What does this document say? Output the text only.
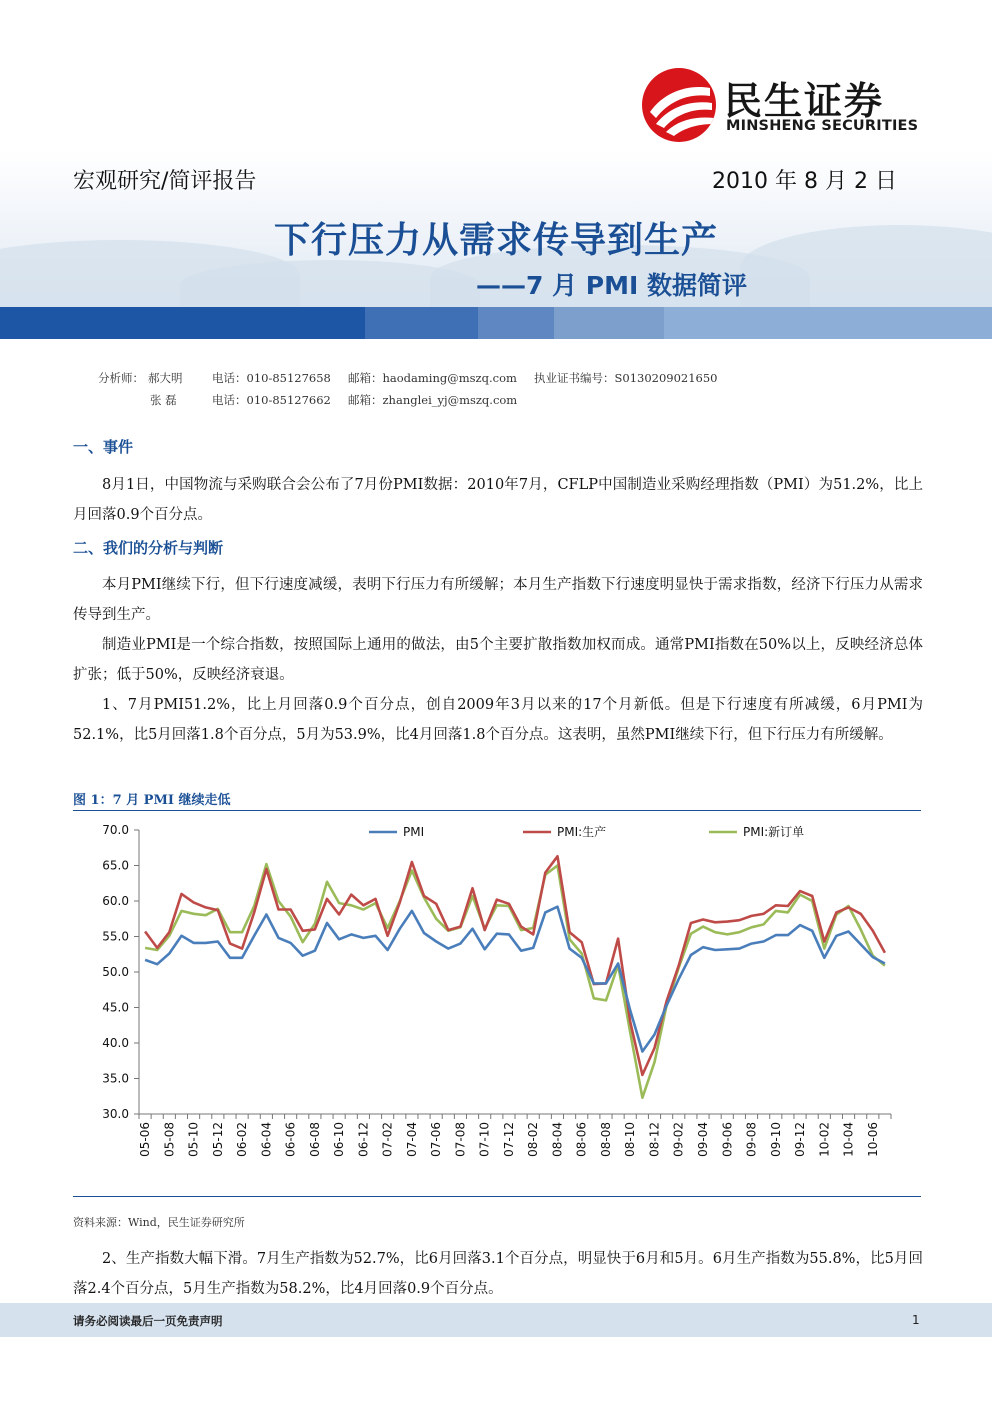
民生证券
MINSHENG SECURITIES
宏观研究/简评报告	2010 年 8 月 2 日
下行压力从需求传导到生产
——7 月 PMI 数据简评
分析师： 郝大明	电话：010-85127658 邮箱：haodaming@mszq.com 执业证书编号：S0130209021650
张 磊	电话：010-85127662 邮箱：zhanglei_yj@mszq.com
一、事件
8月1日，中国物流与采购联合会公布了7月份PMI数据：2010年7月，CFLP中国制造业采购经理指数（PMI）为51.2%，比上月回落0.9个百分点。
二、我们的分析与判断
本月PMI继续下行，但下行速度减缓，表明下行压力有所缓解；本月生产指数下行速度明显快于需求指数，经济下行压力从需求传导到生产。
制造业PMI是一个综合指数，按照国际上通用的做法，由5个主要扩散指数加权而成。通常PMI指数在50%以上，反映经济总体扩张；低于50%，反映经济衰退。
1、7月PMI51.2%，比上月回落0.9个百分点，创自2009年3月以来的17个月新低。但是下行速度有所减缓，6月PMI为52.1%，比5月回落1.8个百分点，5月为53.9%，比4月回落1.8个百分点。这表明，虽然PMI继续下行，但下行压力有所缓解。
图 1：7 月 PMI 继续走低
70.0
65.0
60.0
55.0
50.0
45.0
40.0
35.0
30.0
05-06 05-08 05-10 05-12 06-02 06-04 06-06 06-08 06-10 06-12 07-02 07-04 07-06 07-08 07-10 07-12 08-02 08-04 08-06 08-08 08-10 08-12 09-02 09-04 09-06 09-08 09-10 09-12 10-02 10-04 10-06
PMI	PMI:生产	PMI:新订单
资料来源：Wind，民生证券研究所
2、生产指数大幅下滑。7月生产指数为52.7%，比6月回落3.1个百分点，明显快于6月和5月。6月生产指数为55.8%，比5月回落2.4个百分点，5月生产指数为58.2%，比4月回落0.9个百分点。
请务必阅读最后一页免责声明	1
